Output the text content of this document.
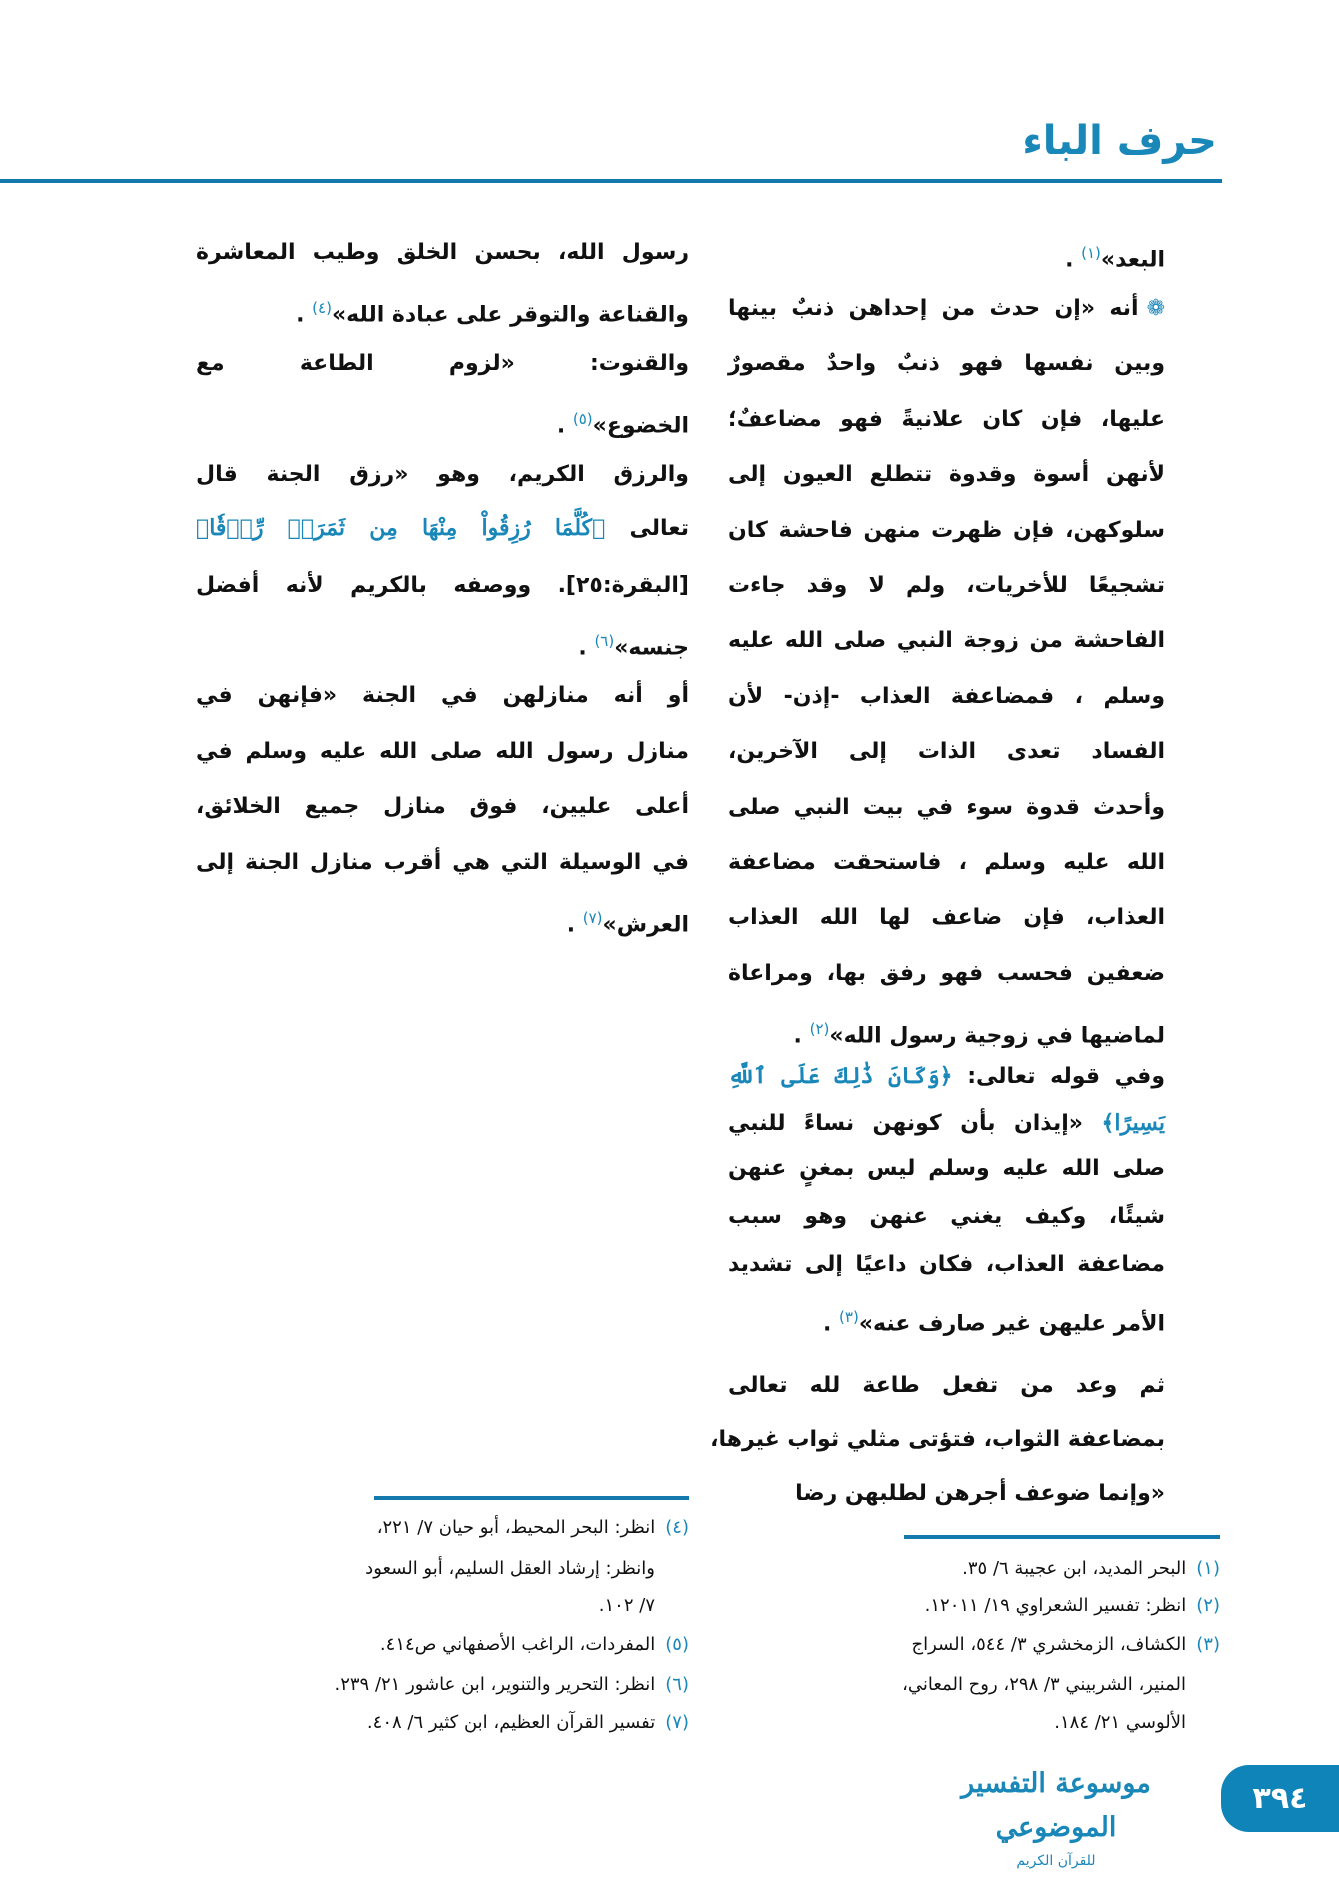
حرف الباء
البعد»$^{(١)}$ .
❁أنه «إن حدث من إحداهن ذنبٌ بينها
وبين نفسها فهو ذنبٌ واحدٌ مقصورٌ
عليها، فإن كان علانيةً فهو مضاعفٌ؛
لأنهن أسوة وقدوة تتطلع العيون إلى
سلوكهن، فإن ظهرت منهن فاحشة كان
تشجيعًا للأخريات، ولم لا وقد جاءت
الفاحشة من زوجة النبي صلى الله عليه
وسلم ، فمضاعفة العذاب -إذن- لأن
الفساد تعدى الذات إلى الآخرين،
وأحدث قدوة سوء في بيت النبي صلى
الله عليه وسلم ، فاستحقت مضاعفة
العذاب، فإن ضاعف لها الله العذاب
ضعفين فحسب فهو رفق بها، ومراعاة
لماضيها في زوجية رسول الله»$^{(٢)}$ .
وفي قوله تعالى: ﴿وَكَانَ ذَٰلِكَ عَلَى ٱللَّهِ
يَسِيرًا﴾ «إيذان بأن كونهن نساءً للنبي
صلى الله عليه وسلم ليس بمغنٍ عنهن
شيئًا، وكيف يغني عنهن وهو سبب
مضاعفة العذاب، فكان داعيًا إلى تشديد
الأمر عليهن غير صارف عنه»$^{(٣)}$ .
ثم وعد من تفعل طاعة لله تعالى
بمضاعفة الثواب، فتؤتى مثلي ثواب غيرها،
«وإنما ضوعف أجرهن لطلبهن رضا
رسول الله، بحسن الخلق وطيب المعاشرة
والقناعة والتوقر على عبادة الله»$^{(٤)}$ .
والقنوت: «لزوم الطاعة مع
الخضوع»$^{(٥)}$ .
والرزق الكريم، وهو «رزق الجنة قال
تعالى ﴿كُلَّمَا رُزِقُواْ مِنْهَا مِن ثَمَرَةٖ رِّزۡقٗا﴾
[البقرة:٢٥]. ووصفه بالكريم لأنه أفضل
جنسه»$^{(٦)}$ .
أو أنه منازلهن في الجنة «فإنهن في
منازل رسول الله صلى الله عليه وسلم في
أعلى عليين، فوق منازل جميع الخلائق،
في الوسيلة التي هي أقرب منازل الجنة إلى
العرش»$^{(٧)}$ .
(١)البحر المديد، ابن عجيبة ٦/ ٣٥.
(٢)انظر: تفسير الشعراوي ١٩/ ١٢٠١١.
(٣)الكشاف، الزمخشري ٣/ ٥٤٤، السراج
المنير، الشربيني ٣/ ٢٩٨، روح المعاني،
الألوسي ٢١/ ١٨٤.
(٤)انظر: البحر المحيط، أبو حيان ٧/ ٢٢١،
وانظر: إرشاد العقل السليم، أبو السعود
٧/ ١٠٢.
(٥)المفردات، الراغب الأصفهاني ص٤١٤.
(٦)انظر: التحرير والتنوير، ابن عاشور ٢١/ ٢٣٩.
(٧)تفسير القرآن العظيم، ابن كثير ٦/ ٤٠٨.
موسوعة التفسير الموضوعي
للقرآن الكريم
٣٩٤
